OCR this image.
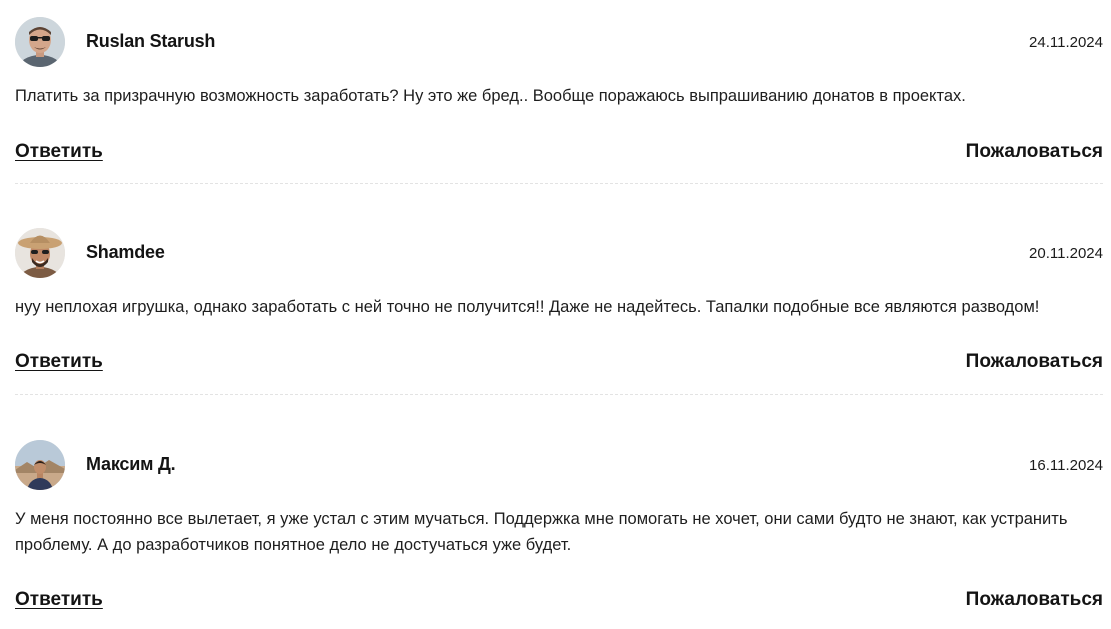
Ruslan Starush	24.11.2024

Платить за призрачную возможность заработать? Ну это же бред.. Вообще поражаюсь выпрашиванию донатов в проектах.

Ответить	Пожаловаться
Shamdee	20.11.2024

нуу неплохая игрушка, однако заработать с ней точно не получится!! Даже не надейтесь. Тапалки подобные все являются разводом!

Ответить	Пожаловаться
Максим Д.	16.11.2024

У меня постоянно все вылетает, я уже устал с этим мучаться. Поддержка мне помогать не хочет, они сами будто не знают, как устранить проблему. А до разработчиков понятное дело не достучаться уже будет.

Ответить	Пожаловаться
